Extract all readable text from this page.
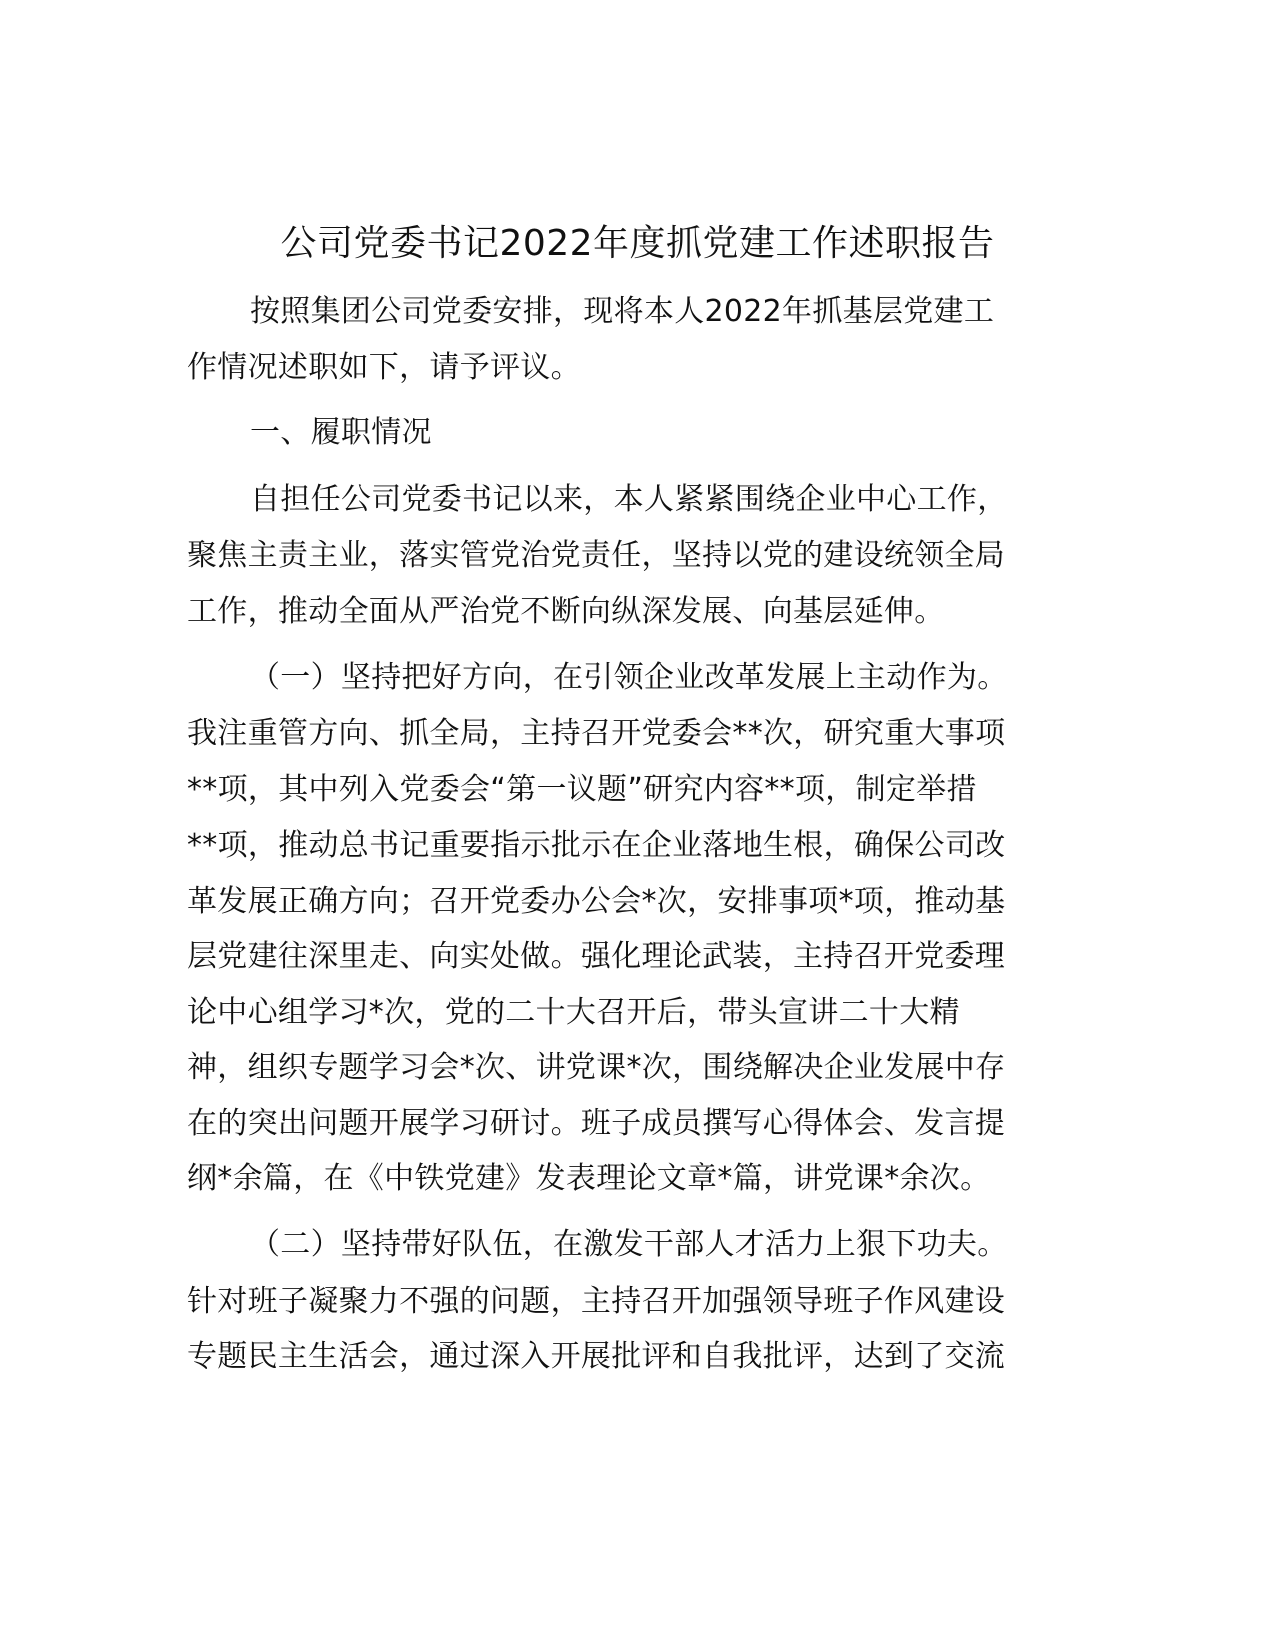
公司党委书记2022年度抓党建工作述职报告
按照集团公司党委安排，现将本人2022年抓基层党建工
作情况述职如下，请予评议。
一、履职情况
自担任公司党委书记以来，本人紧紧围绕企业中心工作，
聚焦主责主业，落实管党治党责任，坚持以党的建设统领全局
工作，推动全面从严治党不断向纵深发展、向基层延伸。
（一）坚持把好方向，在引领企业改革发展上主动作为。
我注重管方向、抓全局，主持召开党委会**次，研究重大事项
**项，其中列入党委会“第一议题”研究内容**项，制定举措
**项，推动总书记重要指示批示在企业落地生根，确保公司改
革发展正确方向；召开党委办公会*次，安排事项*项，推动基
层党建往深里走、向实处做。强化理论武装，主持召开党委理
论中心组学习*次，党的二十大召开后，带头宣讲二十大精
神，组织专题学习会*次、讲党课*次，围绕解决企业发展中存
在的突出问题开展学习研讨。班子成员撰写心得体会、发言提
纲*余篇，在《中铁党建》发表理论文章*篇，讲党课*余次。
（二）坚持带好队伍，在激发干部人才活力上狠下功夫。
针对班子凝聚力不强的问题，主持召开加强领导班子作风建设
专题民主生活会，通过深入开展批评和自我批评，达到了交流
